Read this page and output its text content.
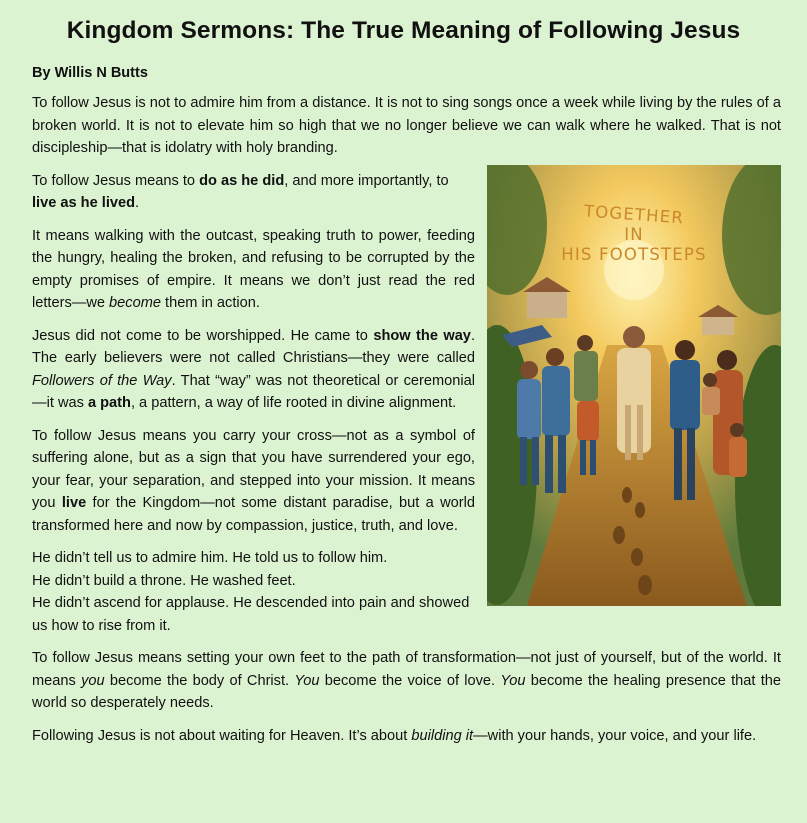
Kingdom Sermons: The True Meaning of Following Jesus
By Willis N Butts

To follow Jesus is not to admire him from a distance. It is not to sing songs once a week while living by the rules of a broken world. It is not to elevate him so high that we no longer believe we can walk where he walked. That is not discipleship—that is idolatry with holy branding.

TOGETHER
IN
HIS FOOTSTEPS

To follow Jesus means to do as he did, and more importantly, to live as he lived.

It means walking with the outcast, speaking truth to power, feeding the hungry, healing the broken, and refusing to be corrupted by the empty promises of empire. It means we don’t just read the red letters—we become them in action.

Jesus did not come to be worshipped. He came to show the way. The early believers were not called Christians—they were called Followers of the Way. That “way” was not theoretical or ceremonial—it was a path, a pattern, a way of life rooted in divine alignment.

To follow Jesus means you carry your cross—not as a symbol of suffering alone, but as a sign that you have surrendered your ego, your fear, your separation, and stepped into your mission. It means you live for the Kingdom—not some distant paradise, but a world transformed here and now by compassion, justice, truth, and love.

He didn’t tell us to admire him. He told us to follow him.
He didn’t build a throne. He washed feet.
He didn’t ascend for applause. He descended into pain and showed us how to rise from it.

To follow Jesus means setting your own feet to the path of transformation—not just of yourself, but of the world. It means you become the body of Christ. You become the voice of love. You become the healing presence that the world so desperately needs.

Following Jesus is not about waiting for Heaven. It’s about building it—with your hands, your voice, and your life.
